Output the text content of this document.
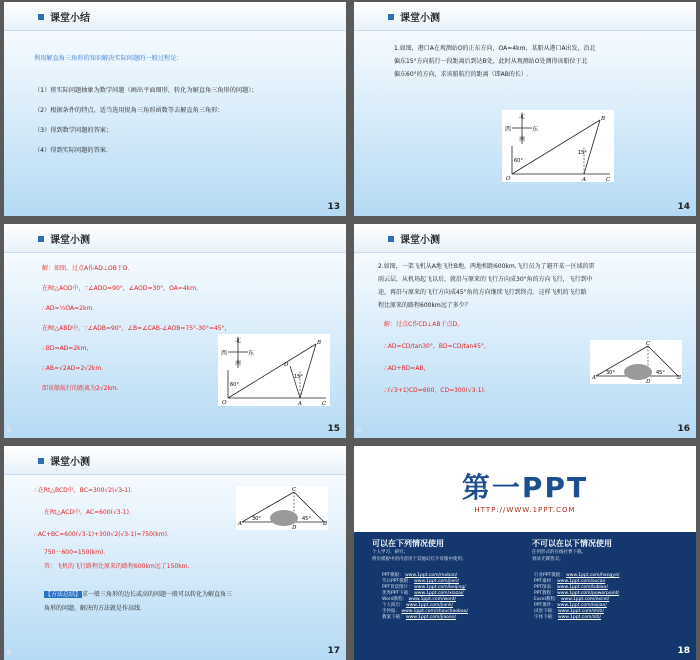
课堂小结
利用解直角三角形的知识解决实际问题的一般过程是：
（1）将实际问题抽象为数学问题（画出平面图形，转化为解直角三角形的问题）；
（2）根据条件的特点，适当选用锐角三角形函数等去解直角三角形；
（3）得到数学问题的答案；
（4）得到实际问题的答案．
13
课堂小测
1.如图，港口A在观测站O的正东方向，OA=4km，某船从港口A出发，沿北
偏东15°方向航行一段距离后到达B处，此时从观测站O处测得该船位于北
偏东60°的方向，求该船航行的距离（即AB的长）.
北
南
东
西
60°
15°
O	A
B
C
14
课堂小测
解：如图，过点A作AD⊥OB于D．
在Rt△AOD中，∵∠ADO=90°，∠AOD=30°，OA=4km，
∴AD=½OA=2km．
在Rt△ABD中，∵∠ADB=90°，∠B=∠CAB-∠AOB=75°-30°=45°，
∴BD=AD=2km，
∴AB=√2AD=2√2km．
即该船航行的距离为2√2km．
北
南
东
西
60°
15°
O	A
B
C
D
15
课堂小测
2.如图，一架飞机从A地飞往B地，两地相距600km.飞行员为了避开某一区域的雷
雨云层，从机场起飞以后，就沿与原来的飞行方向成30°角的方向飞行，飞行到中
途，再沿与原来的飞行方向成45°角的方向继续飞行到终点．这样飞机的飞行路
程比原来的路程600km远了多少？
解：过点C作CD⊥AB于点D，
∴AD=CD/tan30°，BD=CD/tan45°，
∴AD+BD=AB，
∴(√3+1)CD=600，CD=300(√3-1)．
A	B
C
D
30°	45°
16
课堂小测
∴在Rt△BCD中，BC=300√2(√3-1)．
在Rt△ACD中，AC=600(√3-1)．
∴AC+BC=600(√3-1)+300√2(√3-1)≈750(km)．
750－600=150(km)．
答：飞机的飞行路程比原来的路程600km远了150km.
【方法总结】求一般三角形的边长或高的问题一般可以转化为解直角三
角形的问题，解决的方法就是作高线．
A	B
C
D
30°	45°
17
第一PPT
HTTP://WWW.1PPT.COM
可以在下列情况使用
个人学习、研究；
拷贝模板中的内容用于其他幻灯片母版中使用；
不可以在以下情况使用
任何形式的在线付费下载。
刻录光碟售卖。
PPT模板： www.1ppt.com/moban/
节日PPT模板： www.1ppt.com/jieri/
PPT背景图片： www.1ppt.com/beijing/
优秀PPT下载： www.1ppt.com/xiazai/
Word教程： www.1ppt.com/word/
个人简历： www.1ppt.com/jianli/
手抄报： www.1ppt.com/shouchaobao/
教案下载： www.1ppt.com/jiaoan/
行业PPT模板： www.1ppt.com/hangye/
PPT素材： www.1ppt.com/sucai/
PPT图表： www.1ppt.com/tubiao/
PPT教程： www.1ppt.com/powerpoint/
Excel教程： www.1ppt.com/excel/
PPT课件： www.1ppt.com/kejian/
试卷下载： www.1ppt.com/shiti/
字体下载： www.1ppt.com/ziti/
18
谄	谄
谄
